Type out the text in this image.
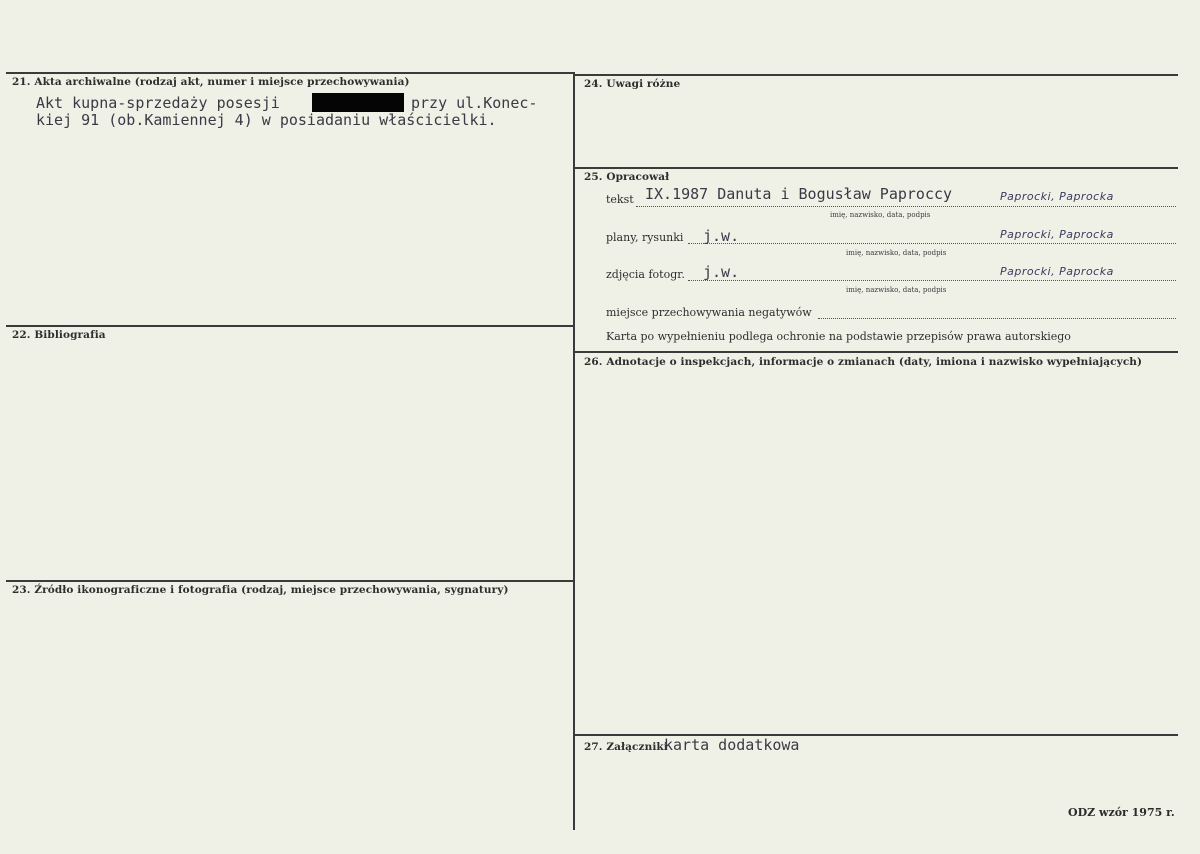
21. Akta archiwalne (rodzaj akt, numer i miejsce przechowywania)
Akt kupna-sprzedaży posesji	przy ul.Konec-
kiej 91 (ob.Kamiennej 4) w posiadaniu właścicielki.
22. Bibliografia
23. Źródło ikonograficzne i fotografia (rodzaj, miejsce przechowywania, sygnatury)
24. Uwagi różne
25. Opracował
tekst IX.1987 Danuta i Bogusław Paproccy	Paprocki, Paprocka
imię, nazwisko, data, podpis
plany, rysunki j.w.	Paprocki, Paprocka
imię, nazwisko, data, podpis
zdjęcia fotogr. j.w.	Paprocki, Paprocka
imię, nazwisko, data, podpis
miejsce przechowywania negatywów
Karta po wypełnieniu podlega ochronie na podstawie przepisów prawa autorskiego
26. Adnotacje o inspekcjach, informacje o zmianach (daty, imiona i nazwisko wypełniających)
27. Załączniki
karta dodatkowa
ODZ wzór 1975 r.
